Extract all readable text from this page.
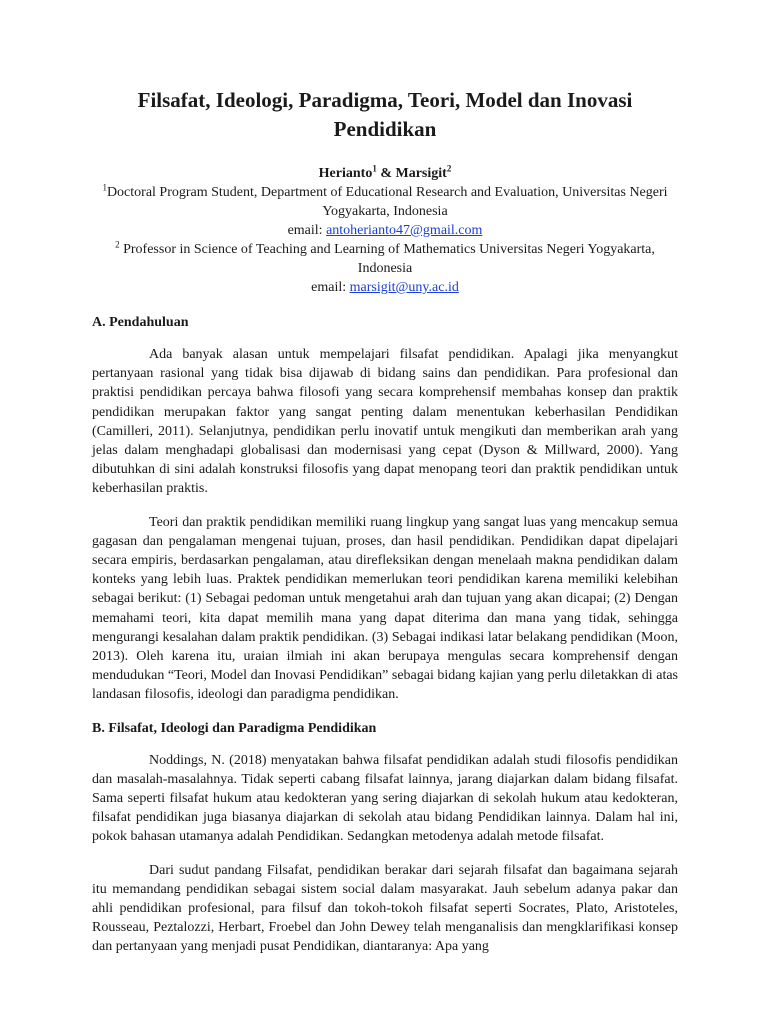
Filsafat, Ideologi, Paradigma, Teori, Model dan Inovasi Pendidikan
Herianto$^1$ & Marsigit$^2$
$^1$Doctoral Program Student, Department of Educational Research and Evaluation, Universitas Negeri Yogyakarta, Indonesia
email: antoherianto47@gmail.com
$^2$ Professor in Science of Teaching and Learning of Mathematics Universitas Negeri Yogyakarta, Indonesia
email: marsigit@uny.ac.id
A. Pendahuluan

Ada banyak alasan untuk mempelajari filsafat pendidikan. Apalagi jika menyangkut pertanyaan rasional yang tidak bisa dijawab di bidang sains dan pendidikan. Para profesional dan praktisi pendidikan percaya bahwa filosofi yang secara komprehensif membahas konsep dan praktik pendidikan merupakan faktor yang sangat penting dalam menentukan keberhasilan Pendidikan (Camilleri, 2011). Selanjutnya, pendidikan perlu inovatif untuk mengikuti dan memberikan arah yang jelas dalam menghadapi globalisasi dan modernisasi yang cepat (Dyson & Millward, 2000). Yang dibutuhkan di sini adalah konstruksi filosofis yang dapat menopang teori dan praktik pendidikan untuk keberhasilan praktis.

Teori dan praktik pendidikan memiliki ruang lingkup yang sangat luas yang mencakup semua gagasan dan pengalaman mengenai tujuan, proses, dan hasil pendidikan. Pendidikan dapat dipelajari secara empiris, berdasarkan pengalaman, atau direfleksikan dengan menelaah makna pendidikan dalam konteks yang lebih luas. Praktek pendidikan memerlukan teori pendidikan karena memiliki kelebihan sebagai berikut: (1) Sebagai pedoman untuk mengetahui arah dan tujuan yang akan dicapai; (2) Dengan memahami teori, kita dapat memilih mana yang dapat diterima dan mana yang tidak, sehingga mengurangi kesalahan dalam praktik pendidikan. (3) Sebagai indikasi latar belakang pendidikan (Moon, 2013). Oleh karena itu, uraian ilmiah ini akan berupaya mengulas secara komprehensif dengan mendudukan “Teori, Model dan Inovasi Pendidikan” sebagai bidang kajian yang perlu diletakkan di atas landasan filosofis, ideologi dan paradigma pendidikan.

B. Filsafat, Ideologi dan Paradigma Pendidikan

Noddings, N. (2018) menyatakan bahwa filsafat pendidikan adalah studi filosofis pendidikan dan masalah-masalahnya. Tidak seperti cabang filsafat lainnya, jarang diajarkan dalam bidang filsafat. Sama seperti filsafat hukum atau kedokteran yang sering diajarkan di sekolah hukum atau kedokteran, filsafat pendidikan juga biasanya diajarkan di sekolah atau bidang Pendidikan lainnya. Dalam hal ini, pokok bahasan utamanya adalah Pendidikan. Sedangkan metodenya adalah metode filsafat.

Dari sudut pandang Filsafat, pendidikan berakar dari sejarah filsafat dan bagaimana sejarah itu memandang pendidikan sebagai sistem social dalam masyarakat. Jauh sebelum adanya pakar dan ahli pendidikan profesional, para filsuf dan tokoh-tokoh filsafat seperti Socrates, Plato, Aristoteles, Rousseau, Peztalozzi, Herbart, Froebel dan John Dewey telah menganalisis dan mengklarifikasi konsep dan pertanyaan yang menjadi pusat Pendidikan, diantaranya: Apa yang
